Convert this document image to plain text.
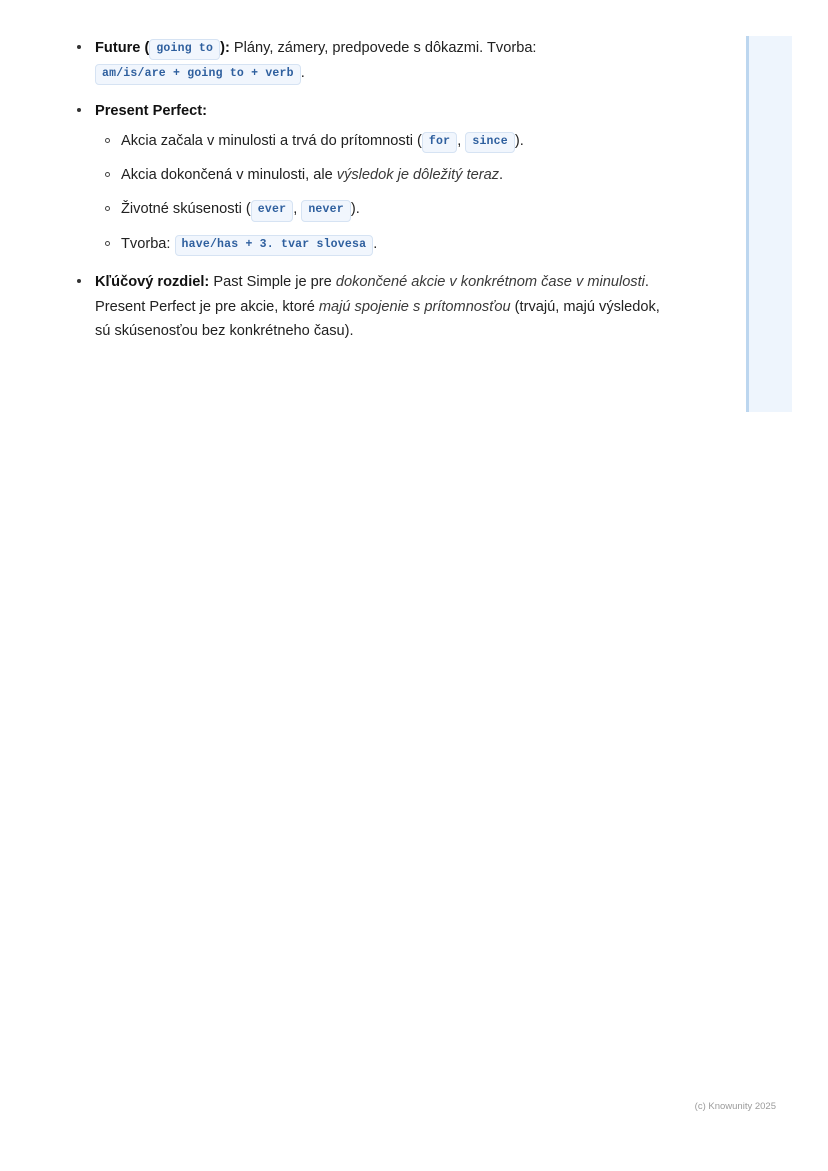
Future ( going to ): Plány, zámery, predpovede s dôkazmi. Tvorba:
am/is/are + going to + verb .
Present Perfect:
Akcia začala v minulosti a trvá do prítomnosti ( for , since ).
Akcia dokončená v minulosti, ale výsledok je dôležitý teraz.
Životné skúsenosti ( ever , never ).
Tvorba: have/has + 3. tvar slovesa .
Kľúčový rozdiel: Past Simple je pre dokončené akcie v konkrétnom čase v minulosti. Present Perfect je pre akcie, ktoré majú spojenie s prítomnosťou (trvajú, majú výsledok, sú skúsenosťou bez konkrétneho času).
(c) Knowunity 2025
